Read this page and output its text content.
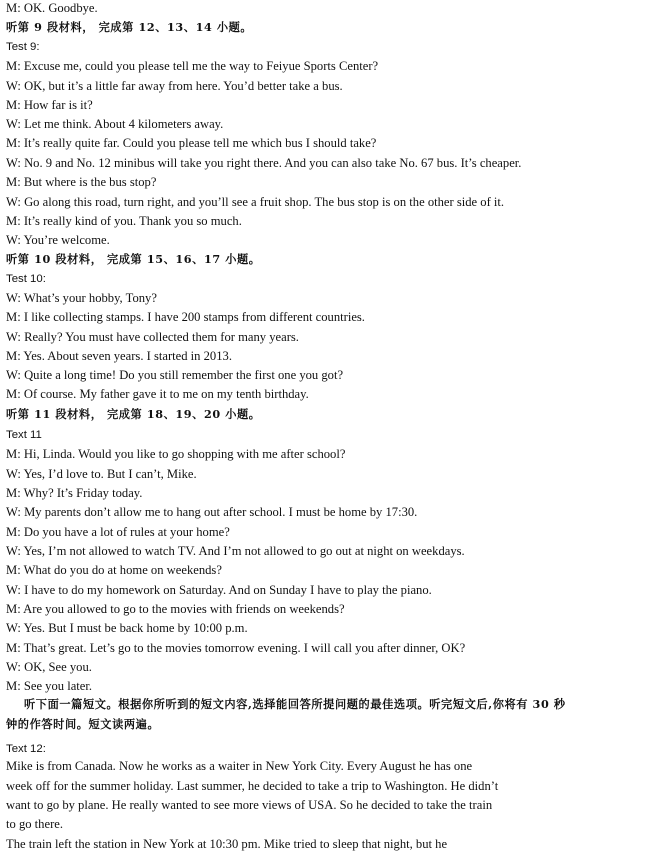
M: OK. Goodbye.
听第 9 段材料， 完成第 12、13、14 小题。
Test 9:
M: Excuse me, could you please tell me the way to Feiyue Sports Center?
W: OK, but it’s a little far away from here. You’d better take a bus.
M: How far is it?
W: Let me think. About 4 kilometers away.
M: It’s really quite far. Could you please tell me which bus I should take?
W: No. 9 and No. 12 minibus will take you right there. And you can also take No. 67 bus. It’s cheaper.
M: But where is the bus stop?
W: Go along this road, turn right, and you’ll see a fruit shop. The bus stop is on the other side of it.
M: It’s really kind of you. Thank you so much.
W: You’re welcome.
听第 10 段材料， 完成第 15、16、17 小题。
Test 10:
W: What’s your hobby, Tony?
M: I like collecting stamps. I have 200 stamps from different countries.
W: Really? You must have collected them for many years.
M: Yes. About seven years. I started in 2013.
W: Quite a long time! Do you still remember the first one you got?
M: Of course. My father gave it to me on my tenth birthday.
听第 11 段材料， 完成第 18、19、20 小题。
Text 11
M: Hi, Linda. Would you like to go shopping with me after school?
W: Yes, I’d love to. But I can’t, Mike.
M: Why? It’s Friday today.
W: My parents don’t allow me to hang out after school. I must be home by 17:30.
M: Do you have a lot of rules at your home?
W: Yes, I’m not allowed to watch TV. And I’m not allowed to go out at night on weekdays.
M: What do you do at home on weekends?
W: I have to do my homework on Saturday. And on Sunday I have to play the piano.
M: Are you allowed to go to the movies with friends on weekends?
W: Yes. But I must be back home by 10:00 p.m.
M: That’s great. Let’s go to the movies tomorrow evening. I will call you after dinner, OK?
W: OK, See you.
M: See you later.
听下面一篇短文。根据你所听到的短文内容,选择能回答所提问题的最佳选项。听完短文后,你将有 30 秒
钟的作答时间。短文读两遍。
Text 12:
Mike is from Canada. Now he works as a waiter in New York City. Every August he has one
week off for the summer holiday. Last summer, he decided to take a trip to Washington. He didn’t
want to go by plane. He really wanted to see more views of USA. So he decided to take the train
to go there.
The train left the station in New York at 10:30 pm. Mike tried to sleep that night, but he
